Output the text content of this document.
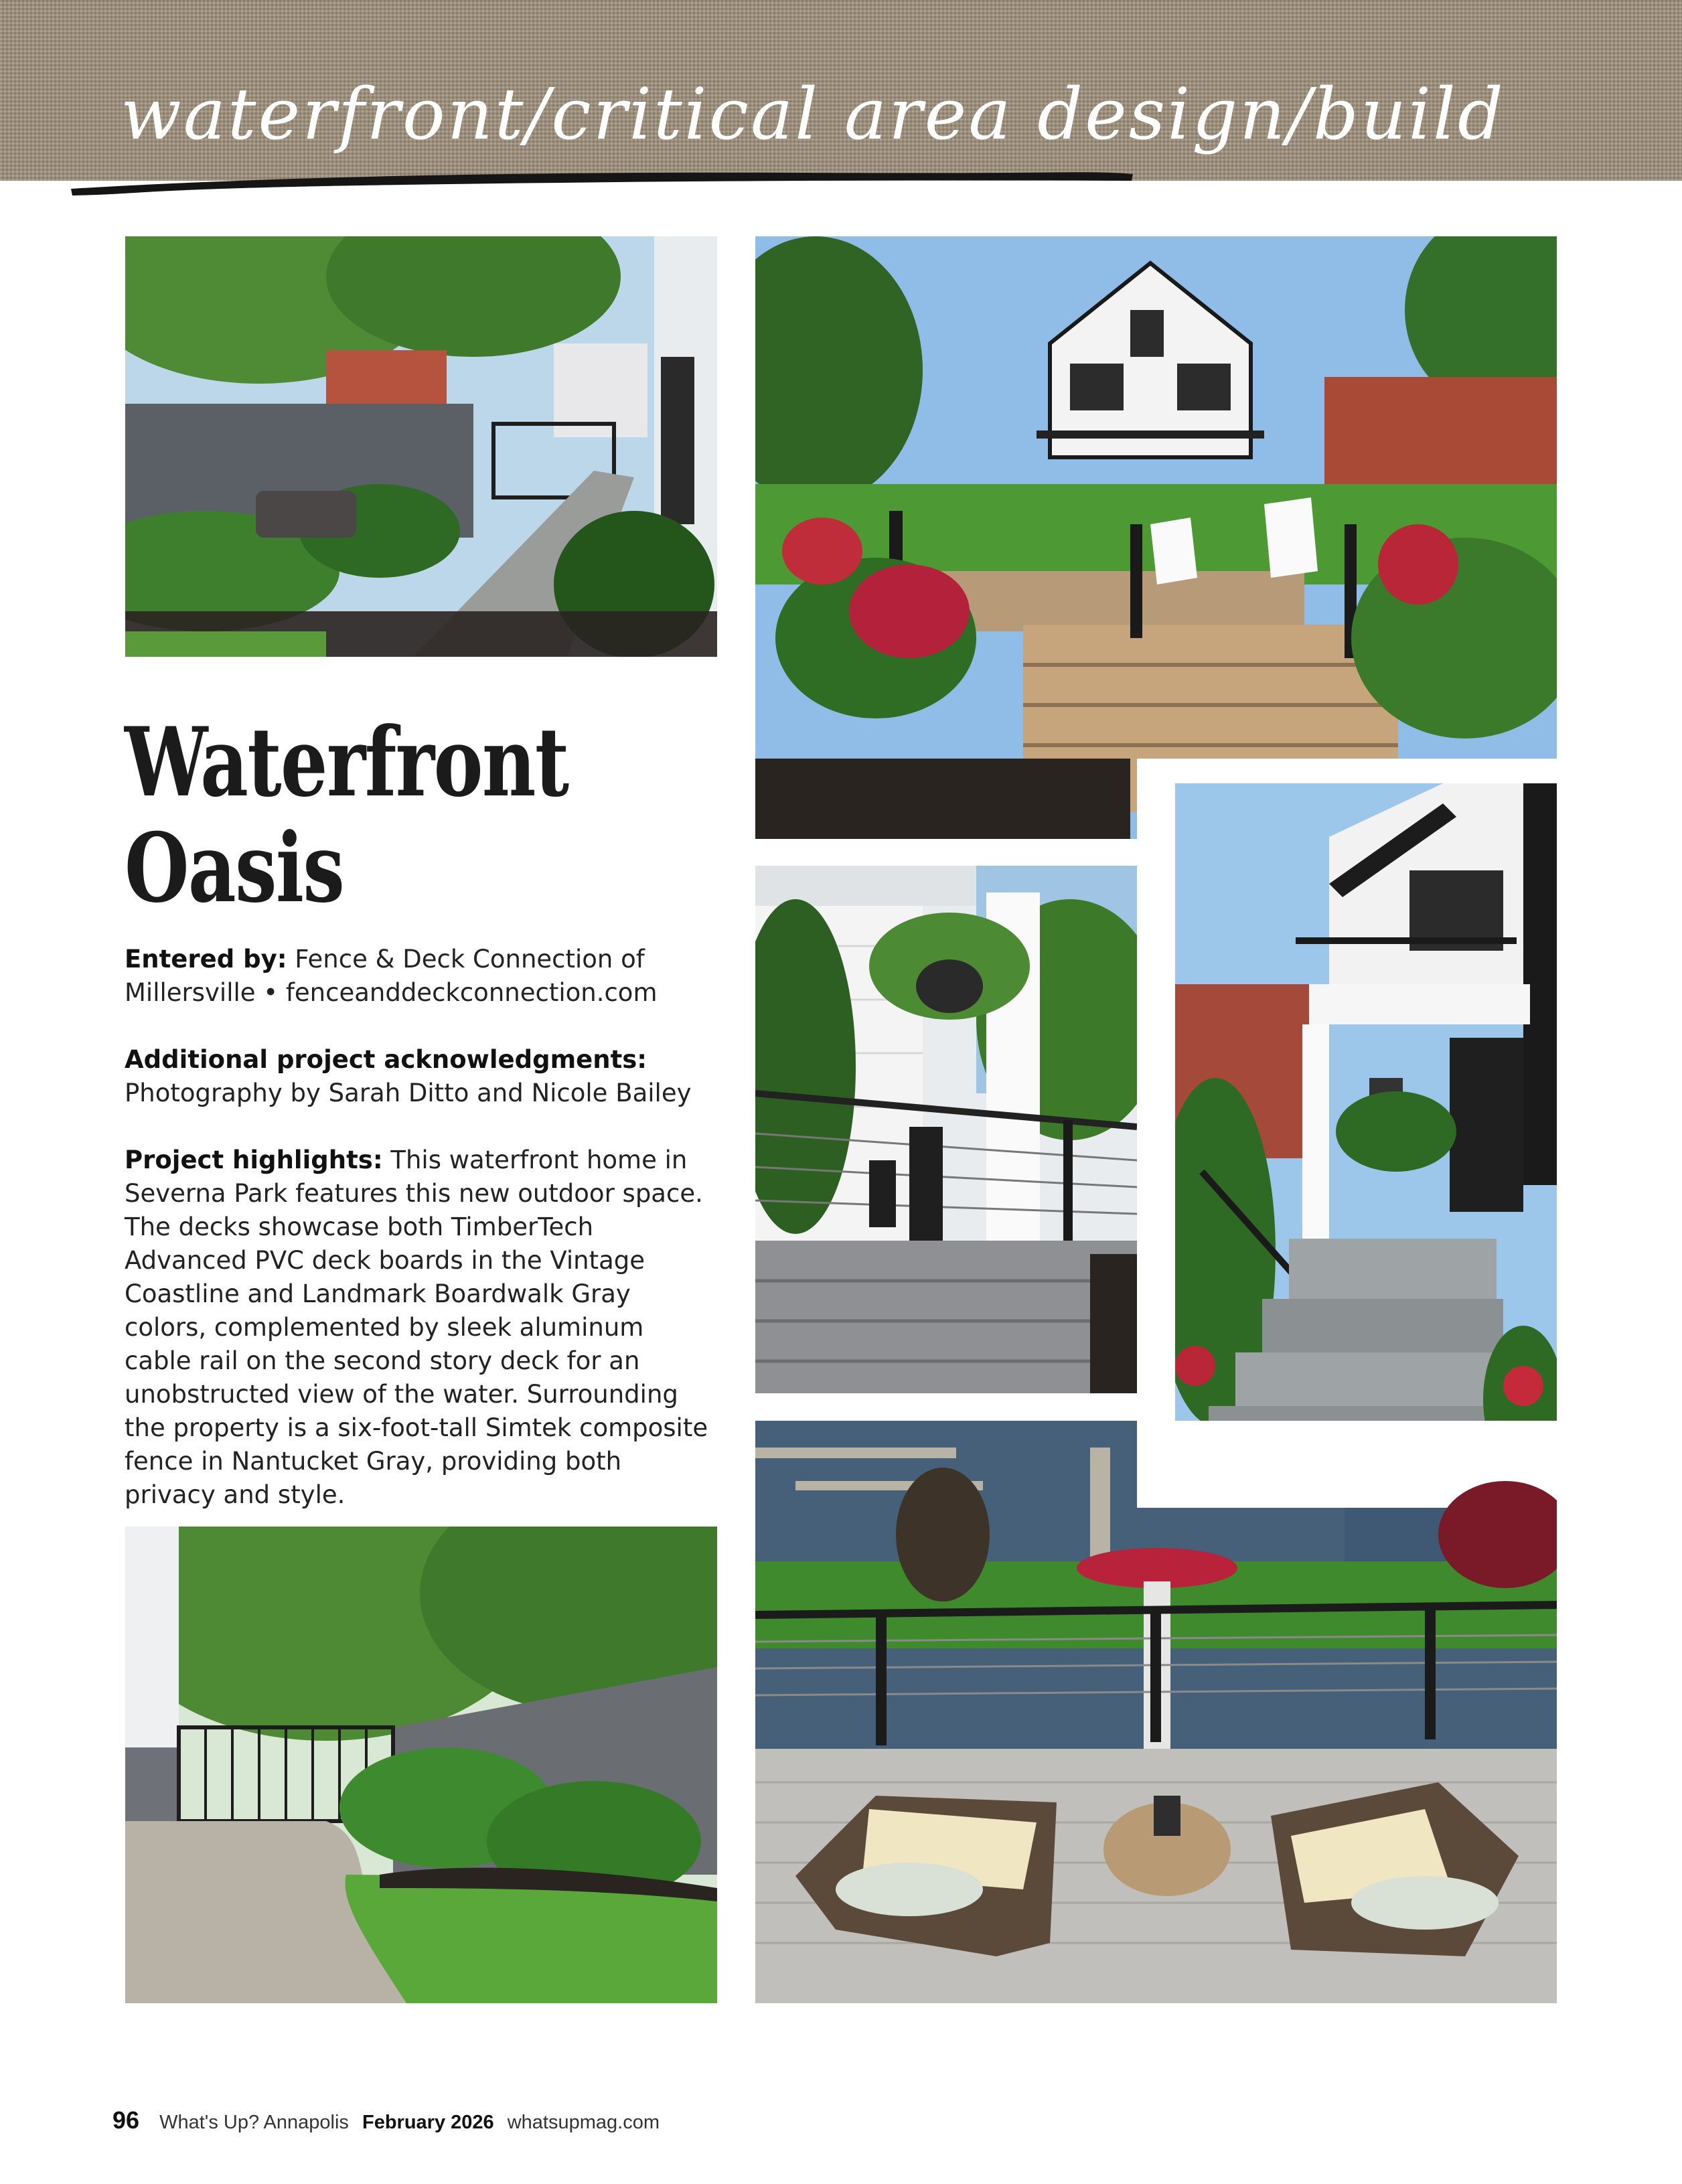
waterfront/critical area design/build
Waterfront
Oasis

Entered by: Fence & Deck Connection of Millersville • fenceanddeckconnection.com

Additional project acknowledgments:
Photography by Sarah Ditto and Nicole Bailey

Project highlights: This waterfront home in Severna Park features this new outdoor space. The decks showcase both TimberTech Advanced PVC deck boards in the Vintage Coastline and Landmark Boardwalk Gray colors, complemented by sleek aluminum cable rail on the second story deck for an unobstructed view of the water. Surrounding the property is a six-foot-tall Simtek composite fence in Nantucket Gray, providing both privacy and style.

96 What's Up? Annapolis February 2026 whatsupmag.com
